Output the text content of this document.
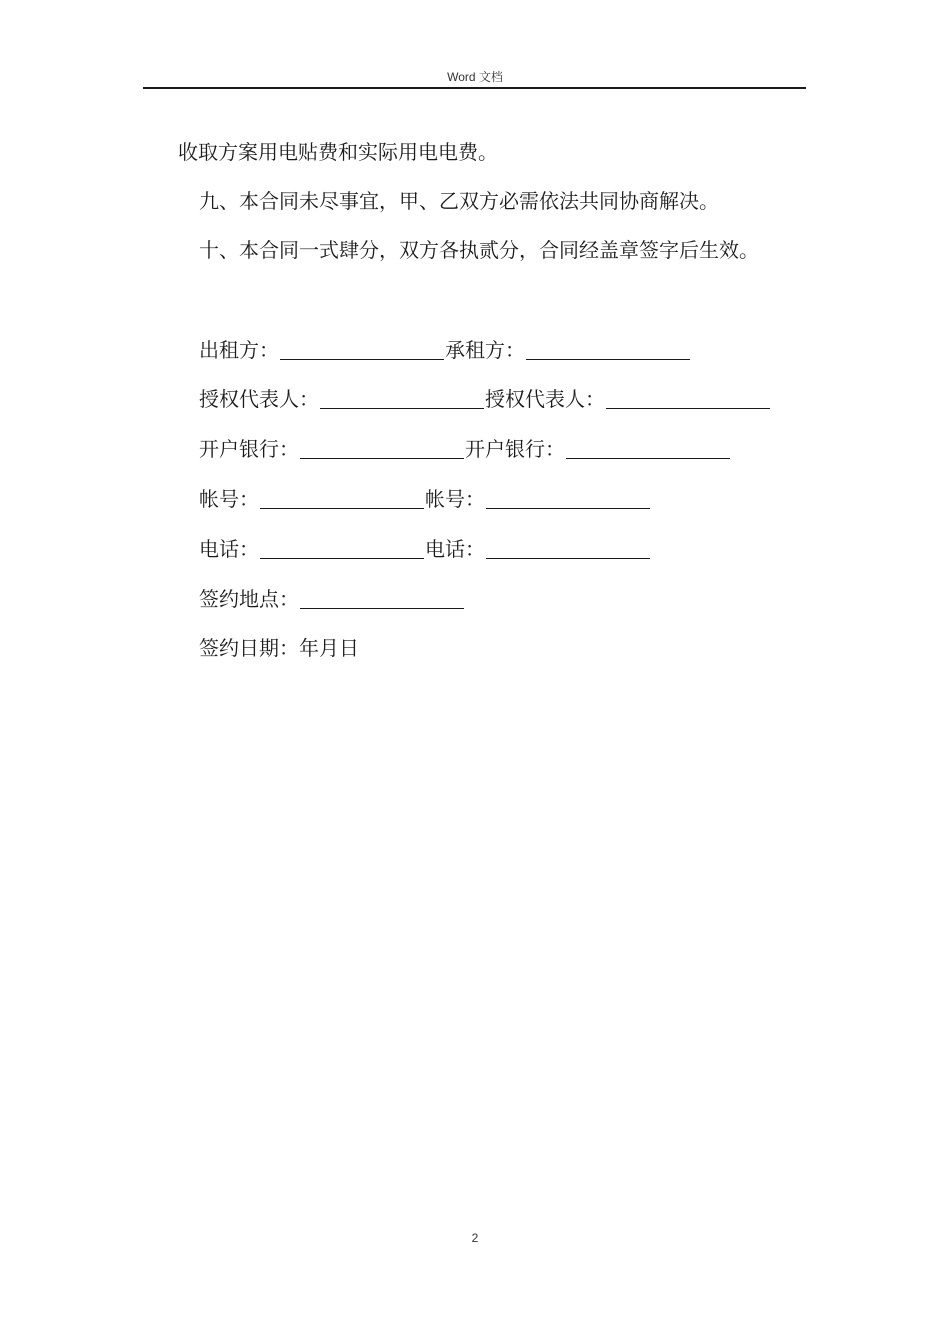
Word 文档
收取方案用电贴费和实际用电电费。
九、本合同未尽事宜，甲、乙双方必需依法共同协商解决。
十、本合同一式肆分，双方各执贰分，合同经盖章签字后生效。
出租方：	承租方：
授权代表人：	授权代表人：
开户银行：	开户银行：
帐号：	帐号：
电话：	电话：
签约地点：
签约日期：年月日
2
